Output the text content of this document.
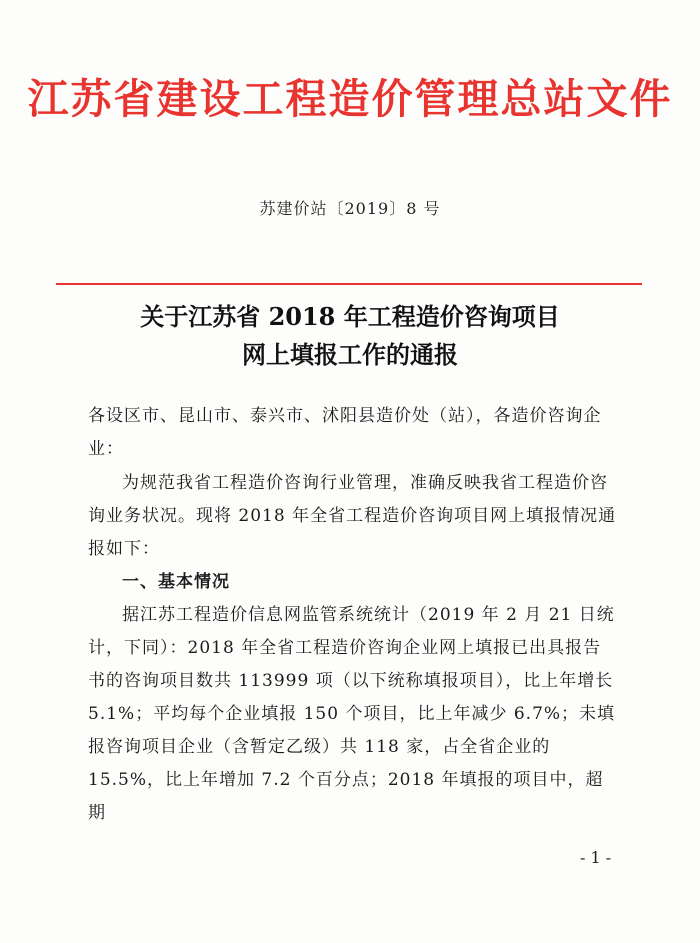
江苏省建设工程造价管理总站文件
苏建价站〔2019〕8 号
关于江苏省 2018 年工程造价咨询项目
网上填报工作的通报

各设区市、昆山市、泰兴市、沭阳县造价处（站），各造价咨询企业：

为规范我省工程造价咨询行业管理，准确反映我省工程造价咨询业务状况。现将 2018 年全省工程造价咨询项目网上填报情况通报如下：

一、基本情况

据江苏工程造价信息网监管系统统计（2019 年 2 月 21 日统计，下同）：2018 年全省工程造价咨询企业网上填报已出具报告书的咨询项目数共 113999 项（以下统称填报项目），比上年增长 5.1%；平均每个企业填报 150 个项目，比上年减少 6.7%；未填报咨询项目企业（含暂定乙级）共 118 家，占全省企业的 15.5%，比上年增加 7.2 个百分点；2018 年填报的项目中，超期

- 1 -
